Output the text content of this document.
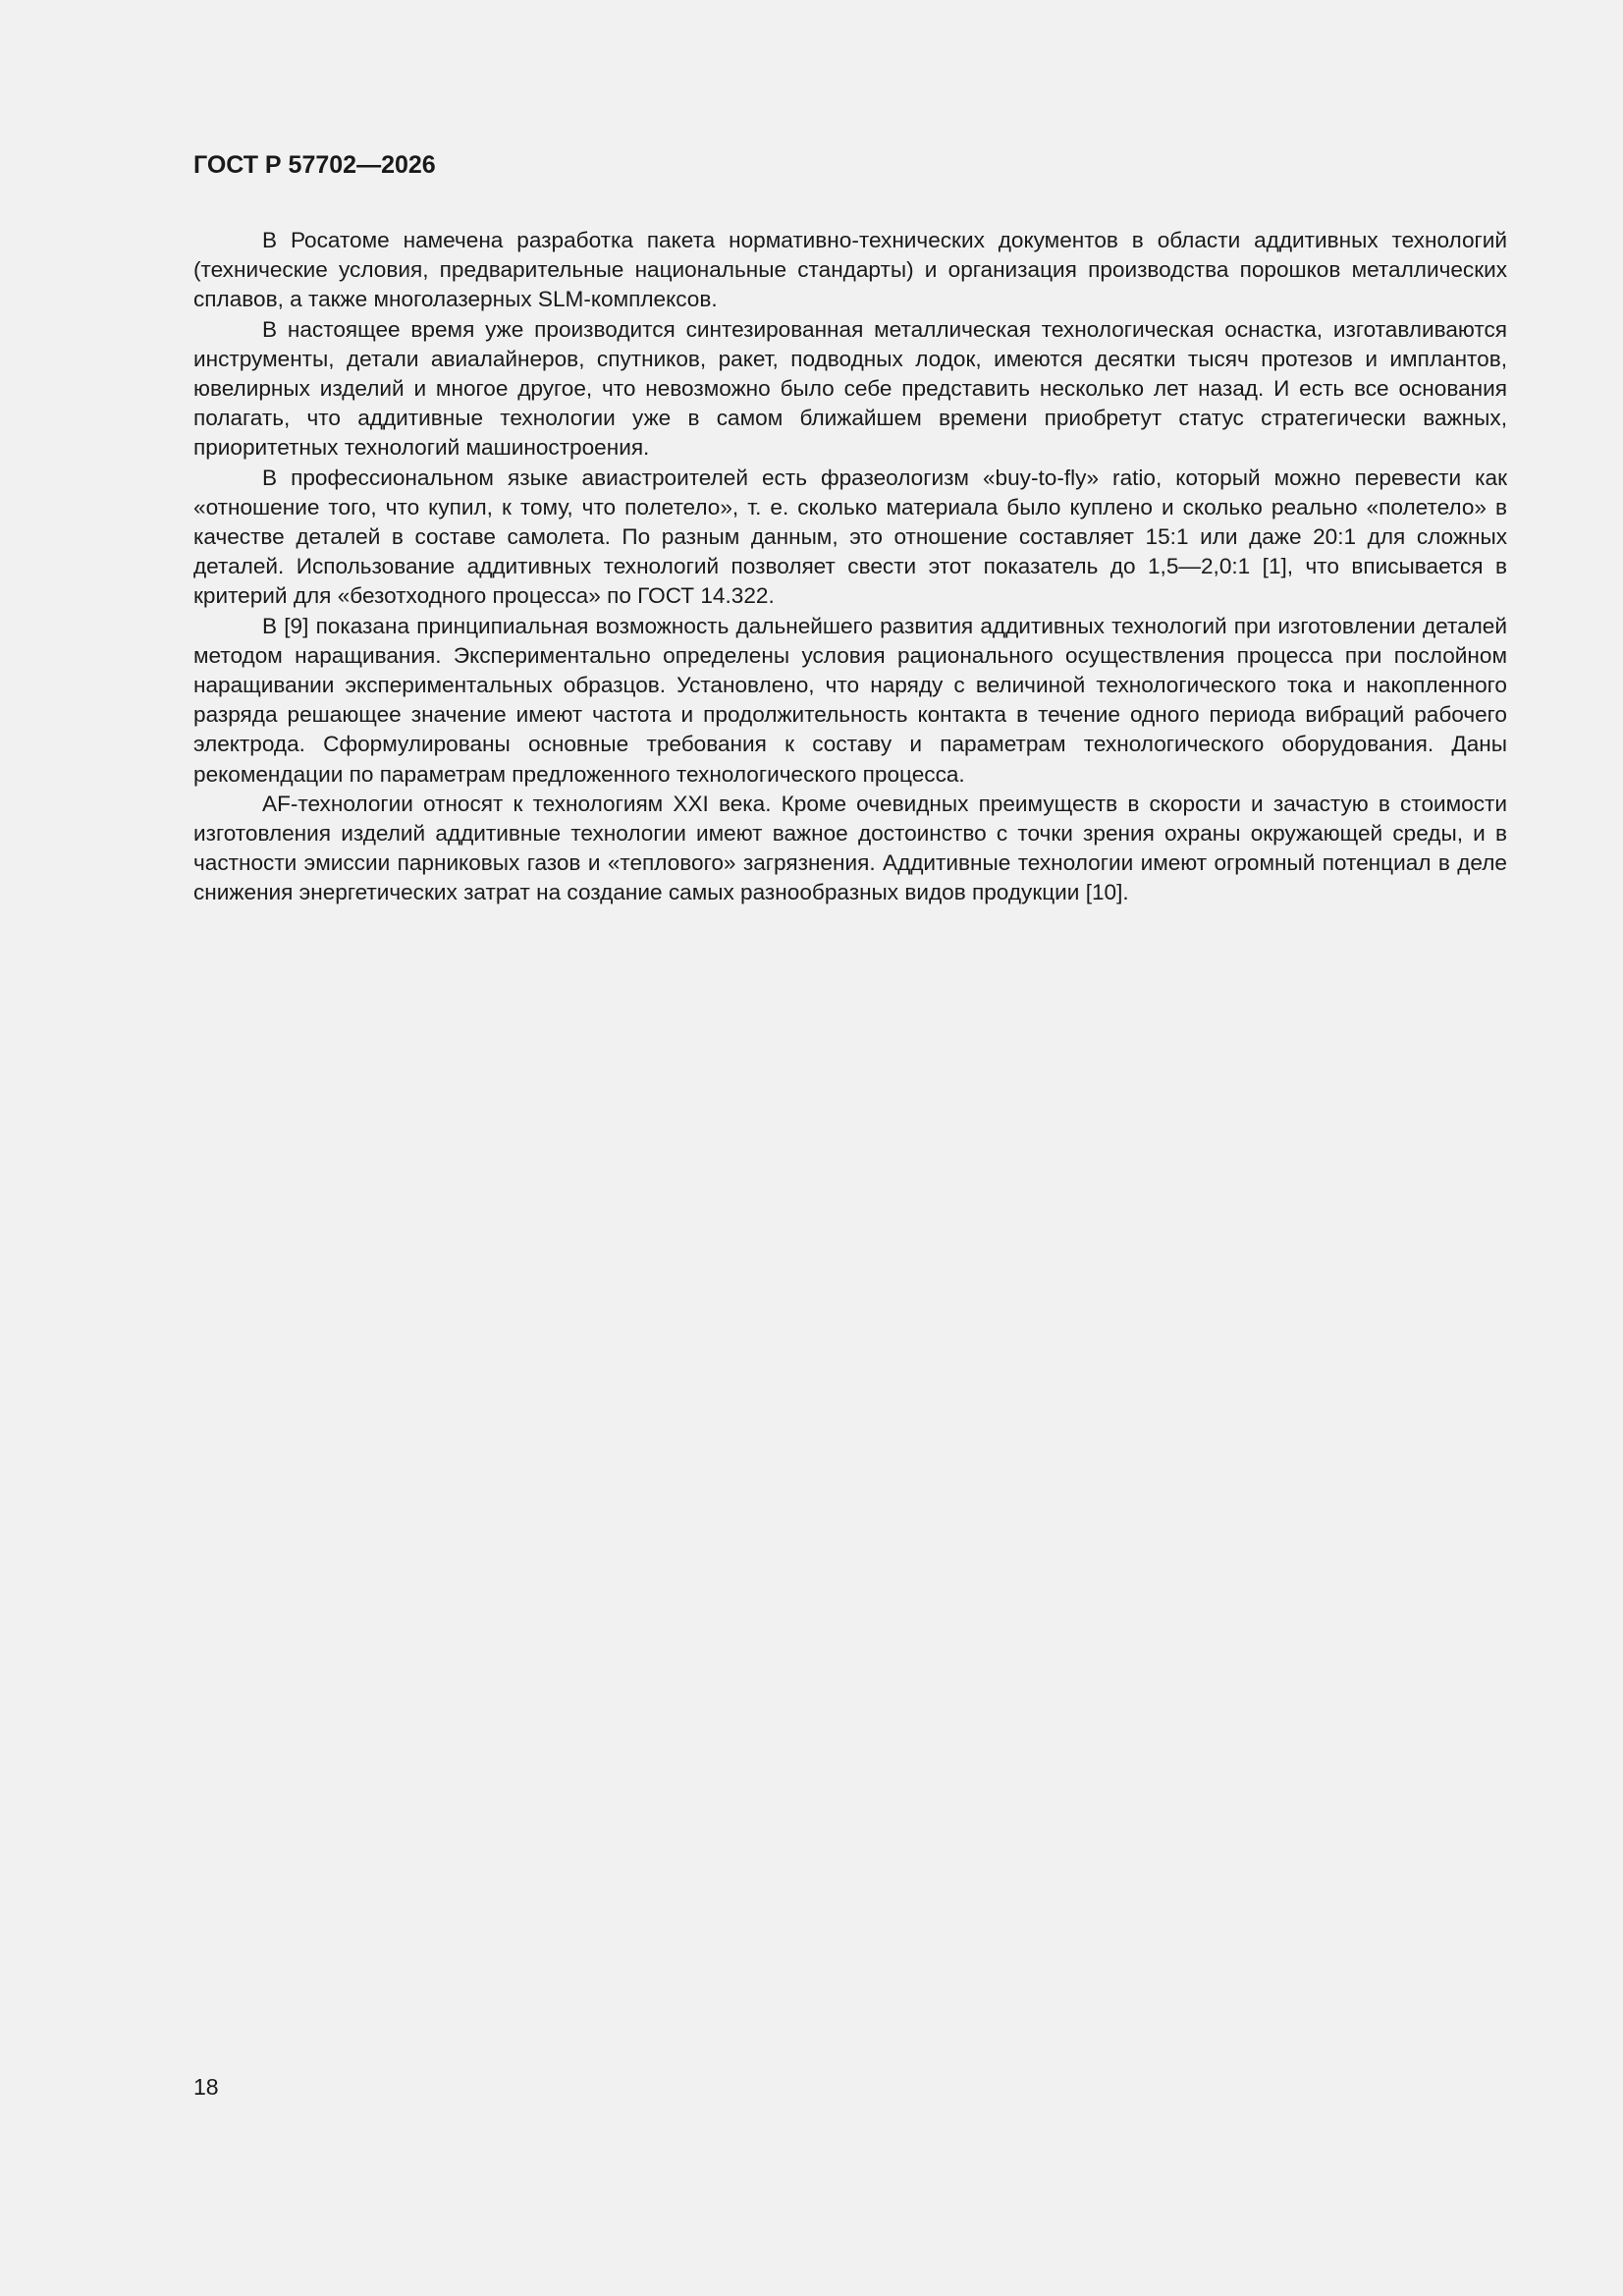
ГОСТ Р 57702—2026

В Росатоме намечена разработка пакета нормативно-технических документов в области аддитивных технологий (технические условия, предварительные национальные стандарты) и организация производства порошков металлических сплавов, а также многолазерных SLM-комплексов.

В настоящее время уже производится синтезированная металлическая технологическая оснастка, изготавливаются инструменты, детали авиалайнеров, спутников, ракет, подводных лодок, имеются десятки тысяч протезов и имплантов, ювелирных изделий и многое другое, что невозможно было себе представить несколько лет назад. И есть все основания полагать, что аддитивные технологии уже в самом ближайшем времени приобретут статус стратегически важных, приоритетных технологий машиностроения.

В профессиональном языке авиастроителей есть фразеологизм «buy-to-fly» ratio, который можно перевести как «отношение того, что купил, к тому, что полетело», т. е. сколько материала было куплено и сколько реально «полетело» в качестве деталей в составе самолета. По разным данным, это отношение составляет 15:1 или даже 20:1 для сложных деталей. Использование аддитивных технологий позволяет свести этот показатель до 1,5—2,0:1 [1], что вписывается в критерий для «безотходного процесса» по ГОСТ 14.322.

В [9] показана принципиальная возможность дальнейшего развития аддитивных технологий при изготовлении деталей методом наращивания. Экспериментально определены условия рационального осуществления процесса при послойном наращивании экспериментальных образцов. Установлено, что наряду с величиной технологического тока и накопленного разряда решающее значение имеют частота и продолжительность контакта в течение одного периода вибраций рабочего электрода. Сформулированы основные требования к составу и параметрам технологического оборудования. Даны рекомендации по параметрам предложенного технологического процесса.

AF-технологии относят к технологиям XXI века. Кроме очевидных преимуществ в скорости и зачастую в стоимости изготовления изделий аддитивные технологии имеют важное достоинство с точки зрения охраны окружающей среды, и в частности эмиссии парниковых газов и «теплового» загрязнения. Аддитивные технологии имеют огромный потенциал в деле снижения энергетических затрат на создание самых разнообразных видов продукции [10].

18
